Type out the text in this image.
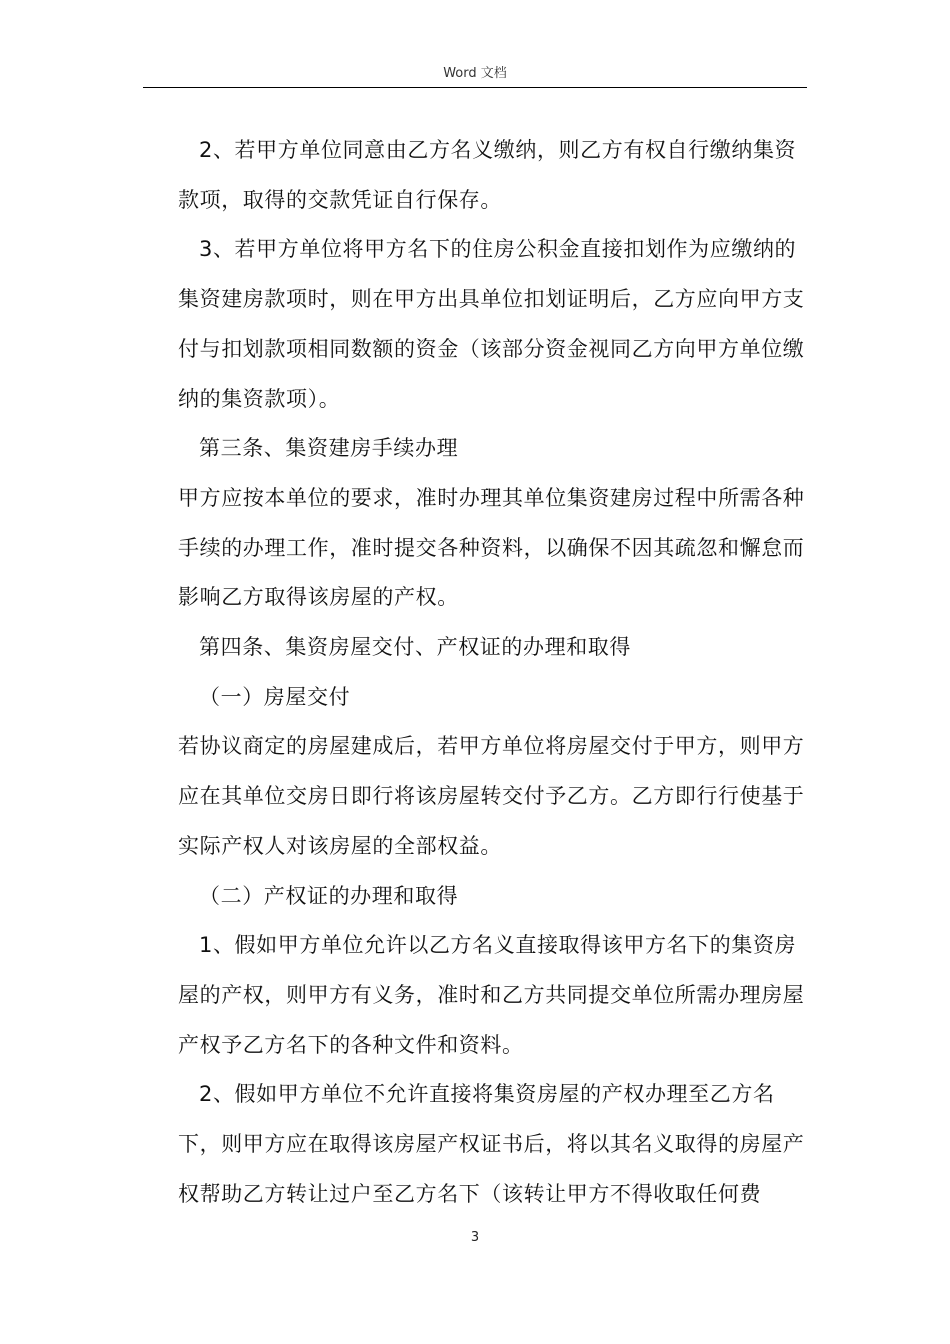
Word 文档

2、若甲方单位同意由乙方名义缴纳，则乙方有权自行缴纳集资款项，取得的交款凭证自行保存。

3、若甲方单位将甲方名下的住房公积金直接扣划作为应缴纳的集资建房款项时，则在甲方出具单位扣划证明后，乙方应向甲方支付与扣划款项相同数额的资金（该部分资金视同乙方向甲方单位缴纳的集资款项）。

第三条、集资建房手续办理

甲方应按本单位的要求，准时办理其单位集资建房过程中所需各种手续的办理工作，准时提交各种资料，以确保不因其疏忽和懈怠而影响乙方取得该房屋的产权。

第四条、集资房屋交付、产权证的办理和取得

（一）房屋交付

若协议商定的房屋建成后，若甲方单位将房屋交付于甲方，则甲方应在其单位交房日即行将该房屋转交付予乙方。乙方即行行使基于实际产权人对该房屋的全部权益。

（二）产权证的办理和取得

1、假如甲方单位允许以乙方名义直接取得该甲方名下的集资房屋的产权，则甲方有义务，准时和乙方共同提交单位所需办理房屋产权予乙方名下的各种文件和资料。

2、假如甲方单位不允许直接将集资房屋的产权办理至乙方名下，则甲方应在取得该房屋产权证书后，将以其名义取得的房屋产权帮助乙方转让过户至乙方名下（该转让甲方不得收取任何费

3
